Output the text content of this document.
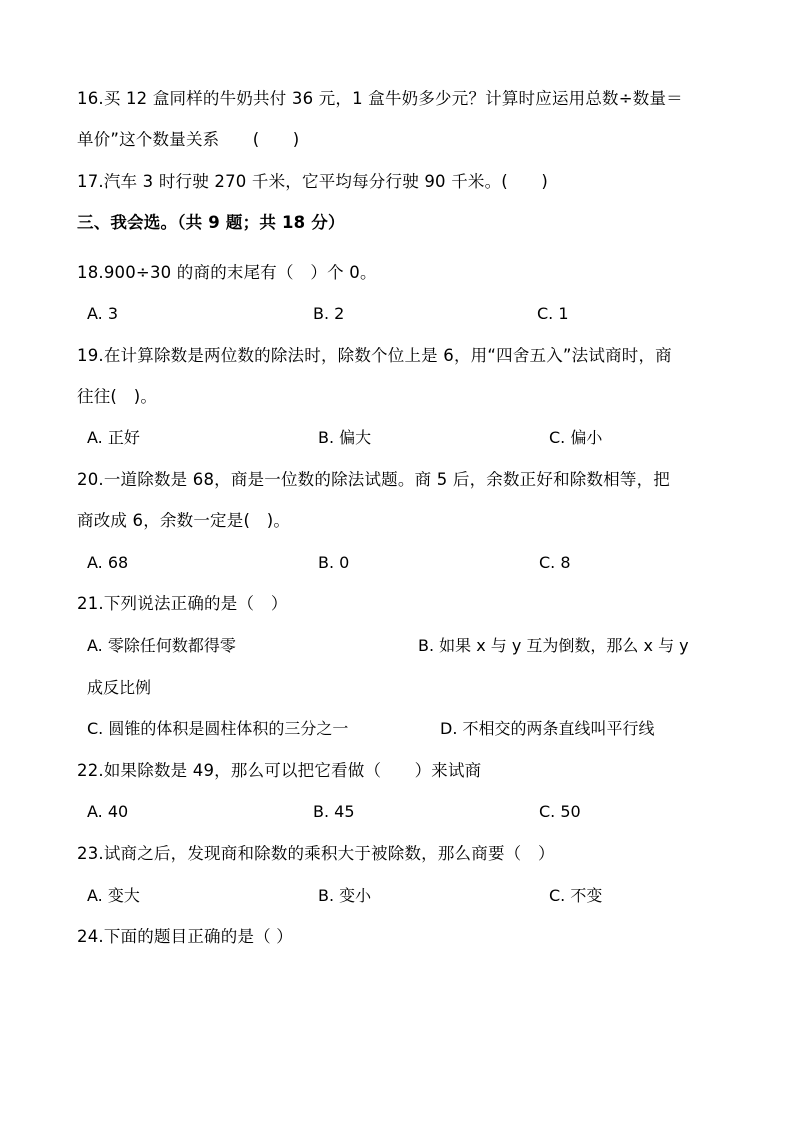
16.买 12 盒同样的牛奶共付 36 元，1 盒牛奶多少元？计算时应运用总数÷数量＝
单价”这个数量关系　　(　　)
17.汽车 3 时行驶 270 千米，它平均每分行驶 90 千米。(　　)
三、我会选。（共 9 题；共 18 分）
18.900÷30 的商的末尾有（　）个 0。
A. 3	B. 2	C. 1
19.在计算除数是两位数的除法时，除数个位上是 6，用“四舍五入”法试商时，商
往往(　)。
A. 正好	B. 偏大	C. 偏小
20.一道除数是 68，商是一位数的除法试题。商 5 后，余数正好和除数相等，把
商改成 6，余数一定是(　)。
A. 68	B. 0	C. 8
21.下列说法正确的是（　）
A. 零除任何数都得零	B. 如果 x 与 y 互为倒数，那么 x 与 y
成反比例
C. 圆锥的体积是圆柱体积的三分之一	D. 不相交的两条直线叫平行线
22.如果除数是 49，那么可以把它看做（　　）来试商
A. 40	B. 45	C. 50
23.试商之后，发现商和除数的乘积大于被除数，那么商要（　）
A. 变大	B. 变小	C. 不变
24.下面的题目正确的是（ ）
